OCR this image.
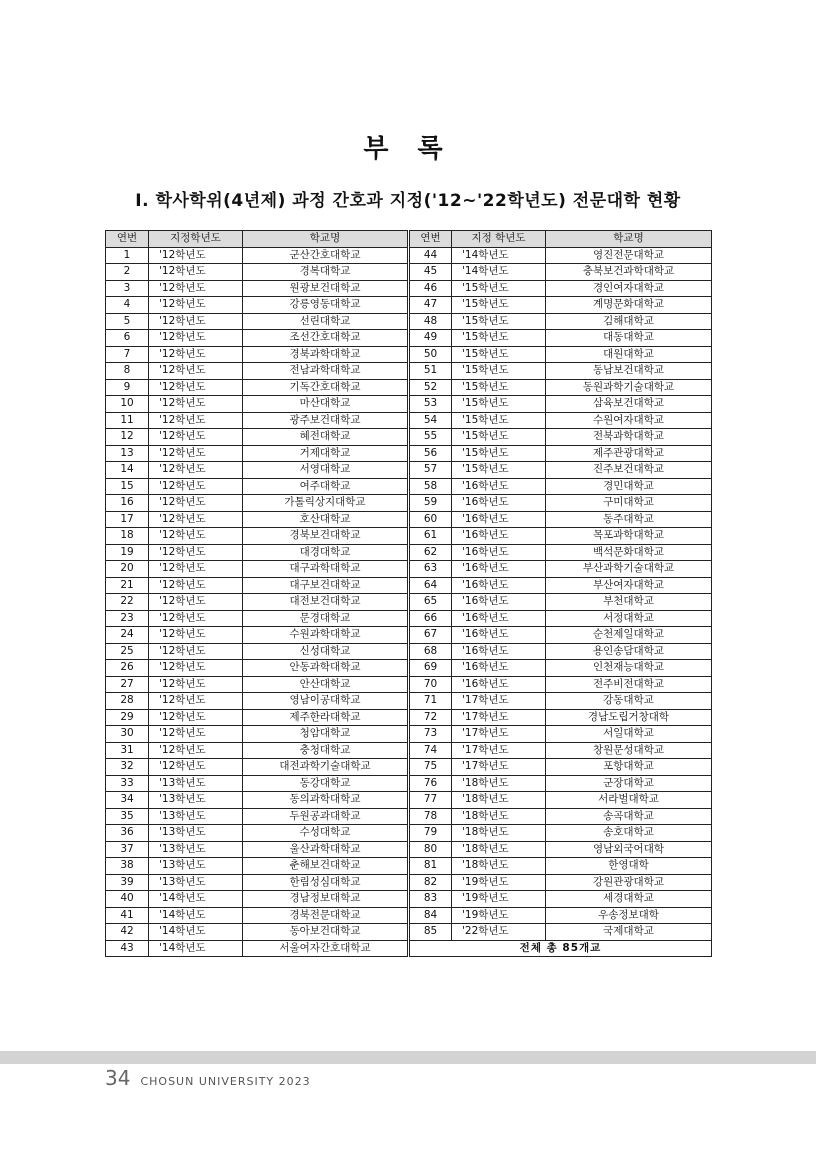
부 록
Ⅰ. 학사학위(4년제) 과정 간호과 지정('12~'22학년도) 전문대학 현황
연번	지정학년도	학교명	연번	지정 학년도	학교명
1	'12학년도	군산간호대학교	44	'14학년도	영진전문대학교
2	'12학년도	경복대학교	45	'14학년도	충북보건과학대학교
3	'12학년도	원광보건대학교	46	'15학년도	경인여자대학교
4	'12학년도	강릉영동대학교	47	'15학년도	계명문화대학교
5	'12학년도	선린대학교	48	'15학년도	김해대학교
6	'12학년도	조선간호대학교	49	'15학년도	대동대학교
7	'12학년도	경북과학대학교	50	'15학년도	대원대학교
8	'12학년도	전남과학대학교	51	'15학년도	동남보건대학교
9	'12학년도	기독간호대학교	52	'15학년도	동원과학기술대학교
10	'12학년도	마산대학교	53	'15학년도	삼육보건대학교
11	'12학년도	광주보건대학교	54	'15학년도	수원여자대학교
12	'12학년도	혜전대학교	55	'15학년도	전북과학대학교
13	'12학년도	거제대학교	56	'15학년도	제주관광대학교
14	'12학년도	서영대학교	57	'15학년도	진주보건대학교
15	'12학년도	여주대학교	58	'16학년도	경민대학교
16	'12학년도	가톨릭상지대학교	59	'16학년도	구미대학교
17	'12학년도	호산대학교	60	'16학년도	동주대학교
18	'12학년도	경북보건대학교	61	'16학년도	목포과학대학교
19	'12학년도	대경대학교	62	'16학년도	백석문화대학교
20	'12학년도	대구과학대학교	63	'16학년도	부산과학기술대학교
21	'12학년도	대구보건대학교	64	'16학년도	부산여자대학교
22	'12학년도	대전보건대학교	65	'16학년도	부천대학교
23	'12학년도	문경대학교	66	'16학년도	서정대학교
24	'12학년도	수원과학대학교	67	'16학년도	순천제일대학교
25	'12학년도	신성대학교	68	'16학년도	용인송담대학교
26	'12학년도	안동과학대학교	69	'16학년도	인천재능대학교
27	'12학년도	안산대학교	70	'16학년도	전주비전대학교
28	'12학년도	영남이공대학교	71	'17학년도	강동대학교
29	'12학년도	제주한라대학교	72	'17학년도	경남도립거창대학
30	'12학년도	청암대학교	73	'17학년도	서일대학교
31	'12학년도	충청대학교	74	'17학년도	창원문성대학교
32	'12학년도	대전과학기술대학교	75	'17학년도	포항대학교
33	'13학년도	동강대학교	76	'18학년도	군장대학교
34	'13학년도	동의과학대학교	77	'18학년도	서라벌대학교
35	'13학년도	두원공과대학교	78	'18학년도	송곡대학교
36	'13학년도	수성대학교	79	'18학년도	송호대학교
37	'13학년도	울산과학대학교	80	'18학년도	영남외국어대학
38	'13학년도	춘해보건대학교	81	'18학년도	한영대학
39	'13학년도	한림성심대학교	82	'19학년도	강원관광대학교
40	'14학년도	경남정보대학교	83	'19학년도	세경대학교
41	'14학년도	경북전문대학교	84	'19학년도	우송정보대학
42	'14학년도	동아보건대학교	85	'22학년도	국제대학교
43	'14학년도	서울여자간호대학교	전체 총 85개교		
34 CHOSUN UNIVERSITY 2023
